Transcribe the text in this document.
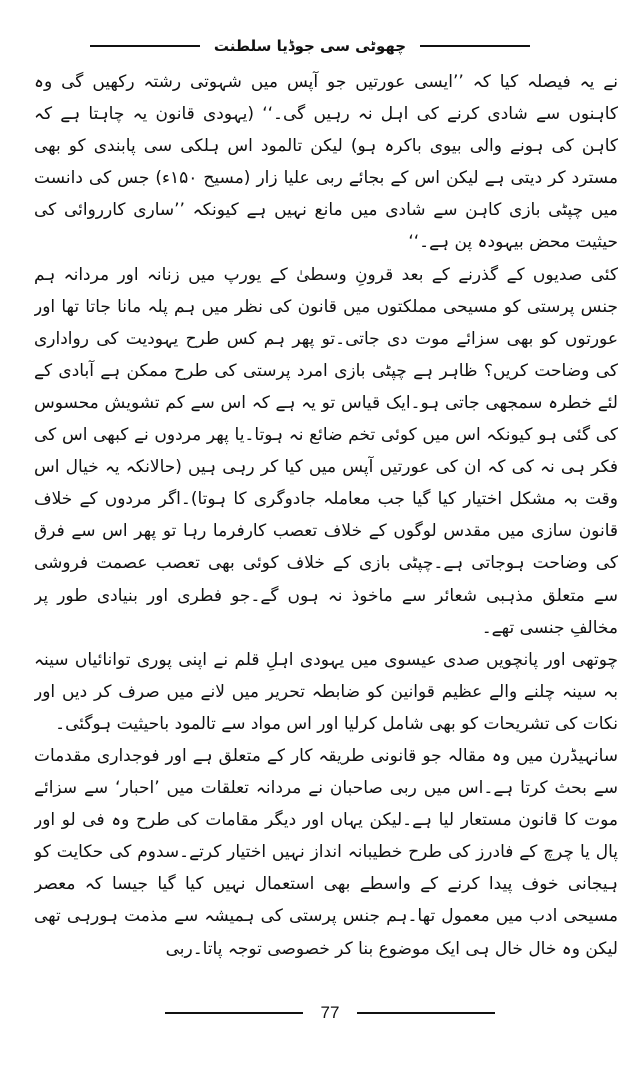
چھوٹی سی جوڈیا سلطنت

نے یہ فیصلہ کیا کہ ’’ایسی عورتیں جو آپس میں شہوتی رشتہ رکھیں گی وہ کاہنوں سے شادی کرنے کی اہل نہ رہیں گی۔‘‘ (یہودی قانون یہ چاہتا ہے کہ کاہن کی ہونے والی بیوی باکرہ ہو) لیکن تالمود اس ہلکی سی پابندی کو بھی مسترد کر دیتی ہے لیکن اس کے بجائے ربی علیا زار (مسیح ۱۵۰ء) جس کی دانست میں چپٹی بازی کاہن سے شادی میں مانع نہیں ہے کیونکہ ’’ساری کارروائی کی حیثیت محض بیہودہ پن ہے۔‘‘

کئی صدیوں کے گذرنے کے بعد قرونِ وسطیٰ کے یورپ میں زنانہ اور مردانہ ہم جنس پرستی کو مسیحی مملکتوں میں قانون کی نظر میں ہم پلہ مانا جاتا تھا اور عورتوں کو بھی سزائے موت دی جاتی۔تو پھر ہم کس طرح یہودیت کی رواداری کی وضاحت کریں؟ ظاہر ہے چپٹی بازی امرد پرستی کی طرح ممکن ہے آبادی کے لئے خطرہ سمجھی جاتی ہو۔ایک قیاس تو یہ ہے کہ اس سے کم تشویش محسوس کی گئی ہو کیونکہ اس میں کوئی تخم ضائع نہ ہوتا۔یا پھر مردوں نے کبھی اس کی فکر ہی نہ کی کہ ان کی عورتیں آپس میں کیا کر رہی ہیں (حالانکہ یہ خیال اس وقت بہ مشکل اختیار کیا گیا جب معاملہ جادوگری کا ہوتا)۔اگر مردوں کے خلاف قانون سازی میں مقدس لوگوں کے خلاف تعصب کارفرما رہا تو پھر اس سے فرق کی وضاحت ہوجاتی ہے۔چپٹی بازی کے خلاف کوئی بھی تعصب عصمت فروشی سے متعلق مذہبی شعائر سے ماخوذ نہ ہوں گے۔جو فطری اور بنیادی طور پر مخالفِ جنسی تھے۔

چوتھی اور پانچویں صدی عیسوی میں یہودی اہلِ قلم نے اپنی پوری توانائیاں سینہ بہ سینہ چلنے والے عظیم قوانین کو ضابطہ تحریر میں لانے میں صرف کر دیں اور نکات کی تشریحات کو بھی شامل کرلیا اور اس مواد سے تالمود باحیثیت ہوگئی۔

سانہیڈرن میں وہ مقالہ جو قانونی طریقہ کار کے متعلق ہے اور فوجداری مقدمات سے بحث کرتا ہے۔اس میں ربی صاحبان نے مردانہ تعلقات میں ’احبار‘ سے سزائے موت کا قانون مستعار لیا ہے۔لیکن یہاں اور دیگر مقامات کی طرح وہ فی لو اور پال یا چرچ کے فادرز کی طرح خطیبانہ انداز نہیں اختیار کرتے۔سدوم کی حکایت کو ہیجانی خوف پیدا کرنے کے واسطے بھی استعمال نہیں کیا گیا جیسا کہ معصر مسیحی ادب میں معمول تھا۔ہم جنس پرستی کی ہمیشہ سے مذمت ہورہی تھی لیکن وہ خال خال ہی ایک موضوع بنا کر خصوصی توجہ پاتا۔ربی

77
